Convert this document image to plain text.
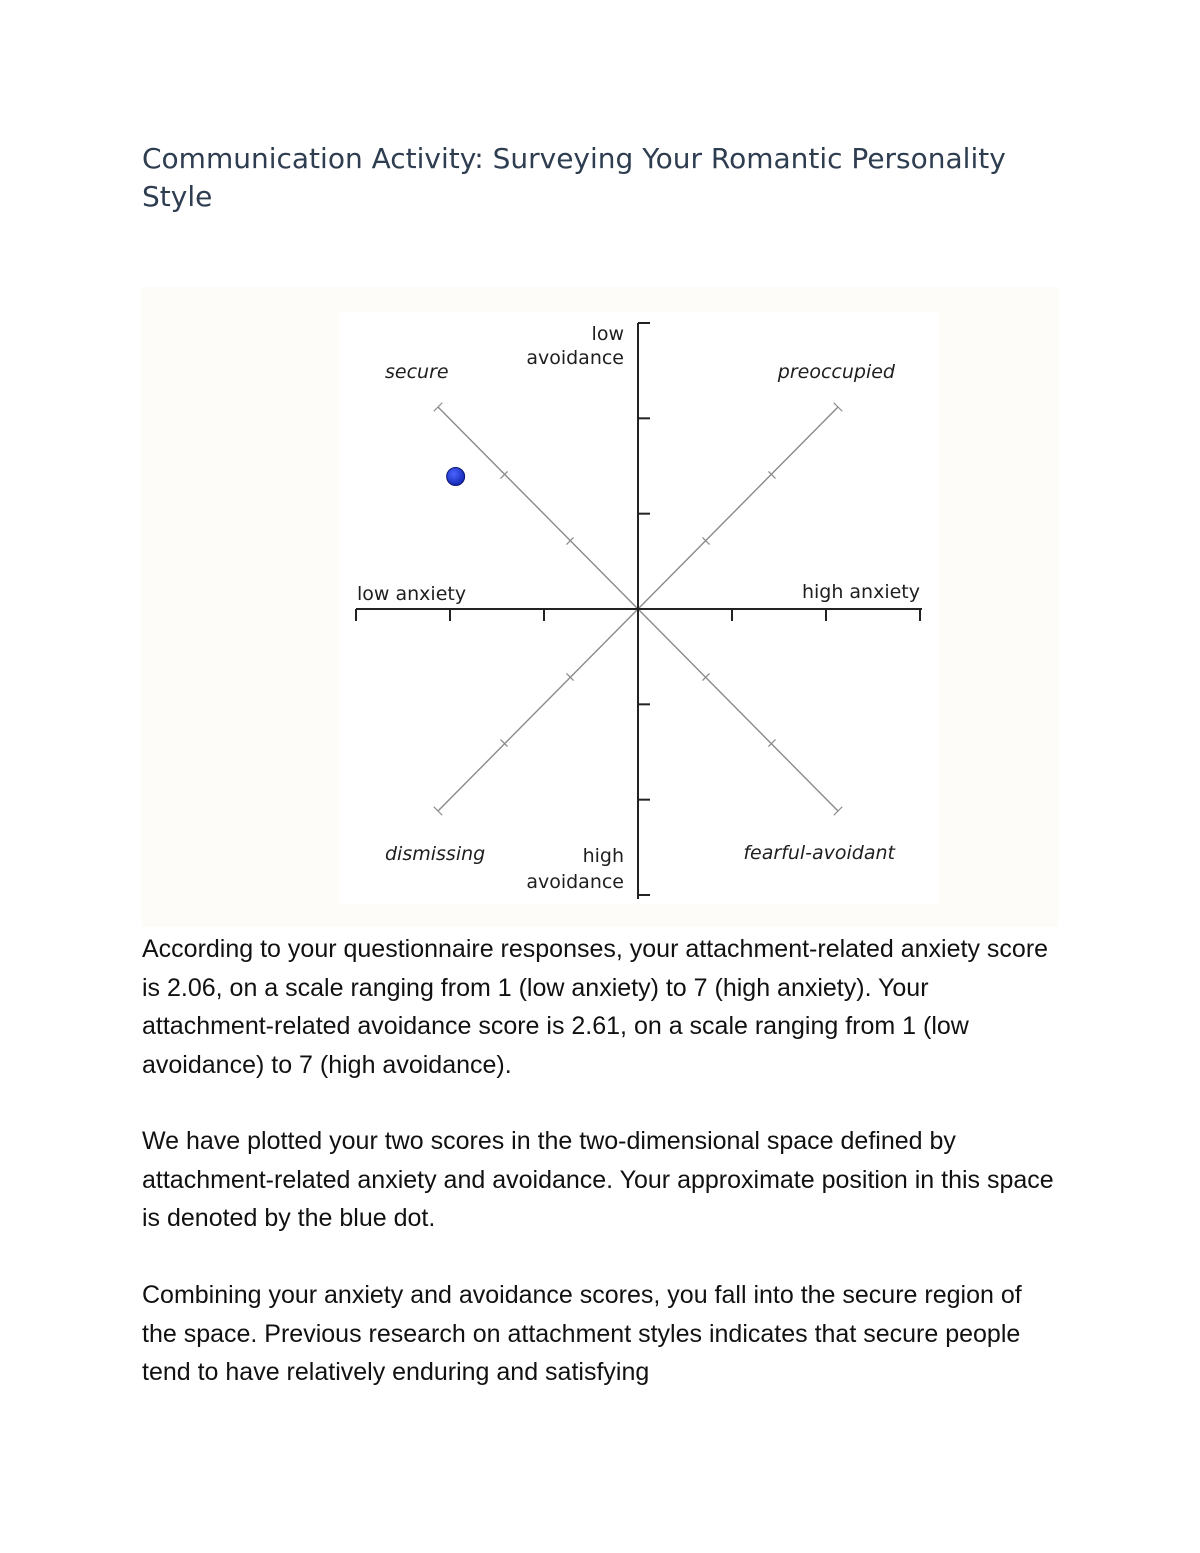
Communication Activity: Surveying Your Romantic Personality Style
low
avoidance
high
avoidance
low anxiety	high anxiety
secure	preoccupied
dismissing	fearful-avoidant

According to your questionnaire responses, your attachment-related anxiety score is 2.06, on a scale ranging from 1 (low anxiety) to 7 (high anxiety). Your attachment-related avoidance score is 2.61, on a scale ranging from 1 (low avoidance) to 7 (high avoidance).

We have plotted your two scores in the two-dimensional space defined by attachment-related anxiety and avoidance. Your approximate position in this space is denoted by the blue dot.

Combining your anxiety and avoidance scores, you fall into the secure region of the space. Previous research on attachment styles indicates that secure people tend to have relatively enduring and satisfying
